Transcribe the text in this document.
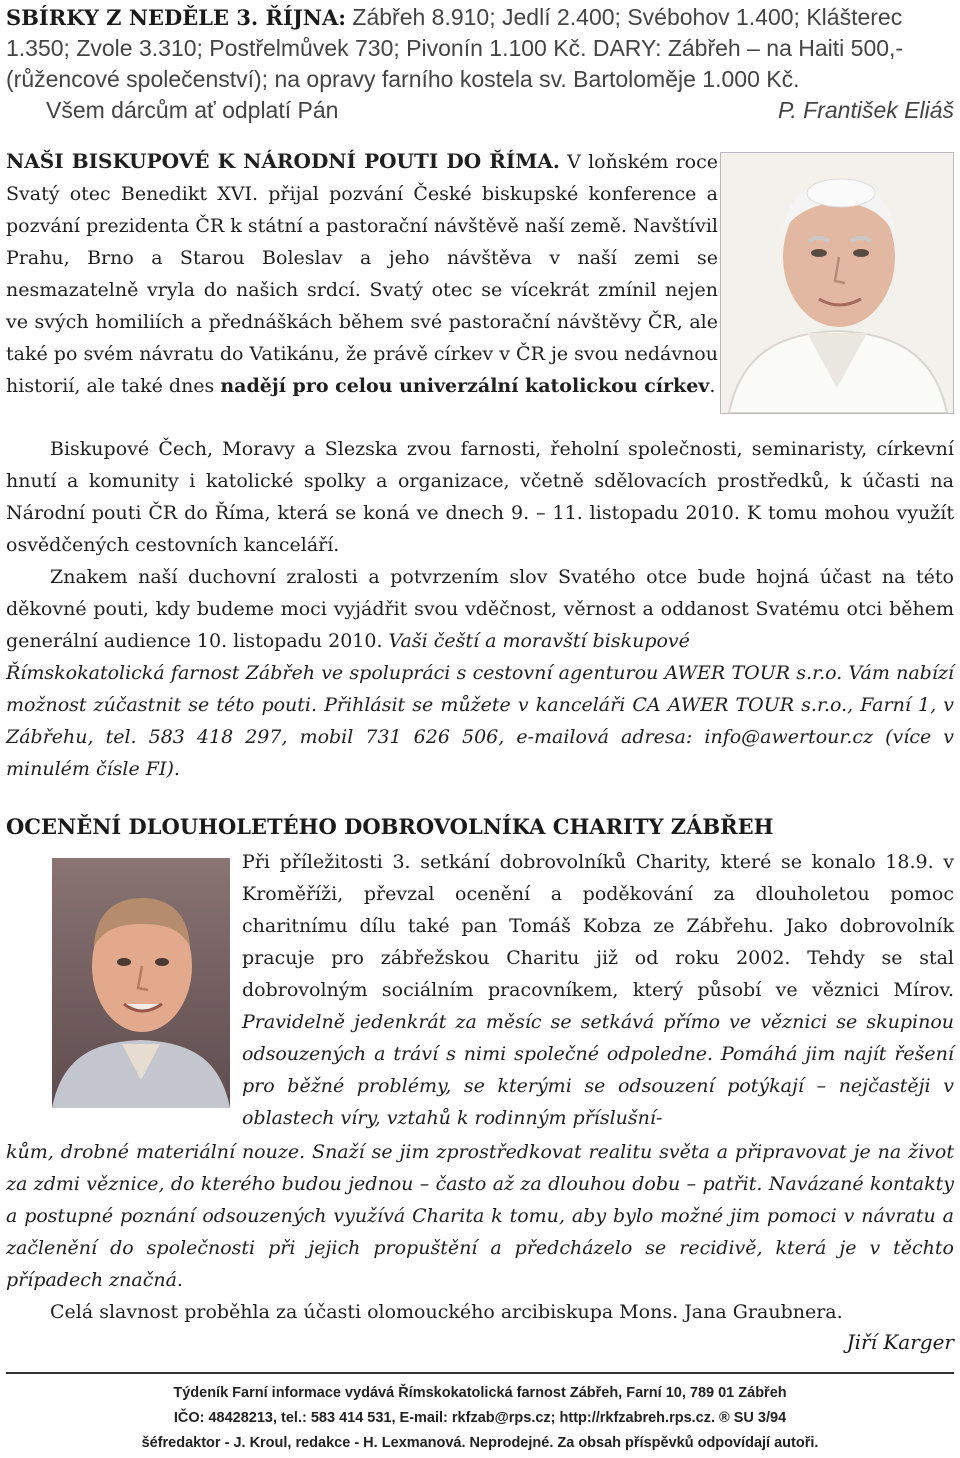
SBÍRKY Z NEDĚLE 3. ŘÍJNA: Zábřeh 8.910; Jedlí 2.400; Svébohov 1.400; Klášterec

1.350; Zvole 3.310; Postřelmůvek 730; Pivonín 1.100 Kč. DARY: Zábřeh – na Haiti 500,-

(růžencové společenství); na opravy farního kostela sv. Bartoloměje 1.000 Kč.

Všem dárcům ať odplatí Pán	P. František Eliáš

NAŠI BISKUPOVÉ K NÁRODNÍ POUTI DO ŘÍMA. V loňském roce Svatý otec Benedikt XVI. přijal pozvání České biskupské konference a pozvání prezidenta ČR k státní a pastorační návštěvě naší země. Navštívil Prahu, Brno a Starou Boleslav a jeho návštěva v naší zemi se nesmazatelně vryla do našich srdcí. Svatý otec se vícekrát zmínil nejen ve svých homiliích a přednáškách během své pastorační návštěvy ČR, ale také po svém návratu do Vatikánu, že právě církev v ČR je svou nedávnou historií, ale také dnes nadějí pro celou univerzální katolickou církev.

Biskupové Čech, Moravy a Slezska zvou farnosti, řeholní společnosti, seminaristy, církevní hnutí a komunity i katolické spolky a organizace, včetně sdělovacích prostředků, k účasti na Národní pouti ČR do Říma, která se koná ve dnech 9. – 11. listopadu 2010. K tomu mohou využít osvědčených cestovních kanceláří.

Znakem naší duchovní zralosti a potvrzením slov Svatého otce bude hojná účast na této děkovné pouti, kdy budeme moci vyjádřit svou vděčnost, věrnost a oddanost Svatému otci během generální audience 10. listopadu 2010. Vaši čeští a moravští biskupové

Římskokatolická farnost Zábřeh ve spolupráci s cestovní agenturou AWER TOUR s.r.o. Vám nabízí možnost zúčastnit se této pouti. Přihlásit se můžete v kanceláři CA AWER TOUR s.r.o., Farní 1, v Zábřehu, tel. 583 418 297, mobil 731 626 506, e-mailová adresa: info@awertour.cz (více v minulém čísle FI).

OCENĚNÍ DLOUHOLETÉHO DOBROVOLNÍKA CHARITY ZÁBŘEH

Při příležitosti 3. setkání dobrovolníků Charity, které se konalo 18.9. v Kroměříži, převzal ocenění a poděkování za dlouholetou pomoc charitnímu dílu také pan Tomáš Kobza ze Zábřehu. Jako dobrovolník pracuje pro zábřežskou Charitu již od roku 2002. Tehdy se stal dobrovolným sociálním pracovníkem, který působí ve věznici Mírov. Pravidelně jedenkrát za měsíc se setkává přímo ve věznici se skupinou odsouzených a tráví s nimi společné odpoledne. Pomáhá jim najít řešení pro běžné problémy, se kterými se odsouzení potýkají – nejčastěji v oblastech víry, vztahů k rodinným příslušní-

kům, drobné materiální nouze. Snaží se jim zprostředkovat realitu světa a připravovat je na život za zdmi věznice, do kterého budou jednou – často až za dlouhou dobu – patřit. Navázané kontakty a postupné poznání odsouzených využívá Charita k tomu, aby bylo možné jim pomoci v návratu a začlenění do společnosti při jejich propuštění a předcházelo se recidivě, která je v těchto případech značná.

Celá slavnost proběhla za účasti olomouckého arcibiskupa Mons. Jana Graubnera.

Jiří Karger

Týdeník Farní informace vydává Římskokatolická farnost Zábřeh, Farní 10, 789 01 Zábřeh

IČO: 48428213, tel.: 583 414 531, E-mail: rkfzab@rps.cz; http://rkfzabreh.rps.cz. ® SU 3/94

šéfredaktor - J. Kroul, redakce - H. Lexmanová. Neprodejné. Za obsah příspěvků odpovídají autoři.
